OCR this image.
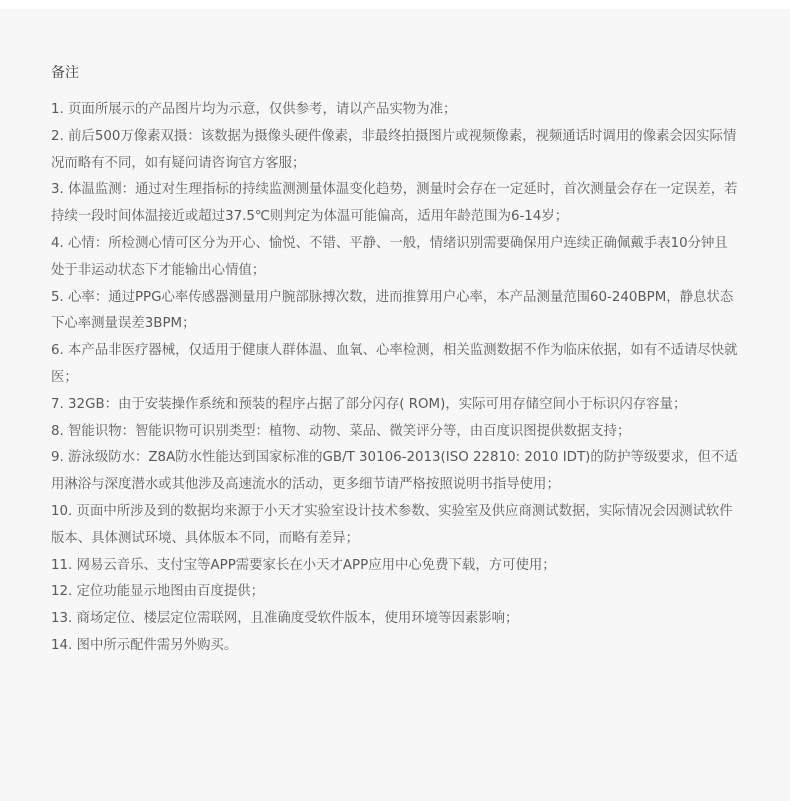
备注
1. 页面所展示的产品图片均为示意，仅供参考，请以产品实物为准；
2. 前后500万像素双摄：该数据为摄像头硬件像素，非最终拍摄图片或视频像素，视频通话时调用的像素会因实际情况而略有不同，如有疑问请咨询官方客服；
3. 体温监测：通过对生理指标的持续监测测量体温变化趋势，测量时会存在一定延时，首次测量会存在一定误差，若持续一段时间体温接近或超过37.5℃则判定为体温可能偏高，适用年龄范围为6-14岁；
4. 心情：所检测心情可区分为开心、愉悦、不错、平静、一般，情绪识别需要确保用户连续正确佩戴手表10分钟且处于非运动状态下才能输出心情值；
5. 心率：通过PPG心率传感器测量用户腕部脉搏次数，进而推算用户心率，本产品测量范围60-240BPM，静息状态下心率测量误差3BPM；
6. 本产品非医疗器械，仅适用于健康人群体温、血氧、心率检测，相关监测数据不作为临床依据，如有不适请尽快就医；
7. 32GB：由于安装操作系统和预装的程序占据了部分闪存( ROM)，实际可用存储空间小于标识闪存容量；
8. 智能识物：智能识物可识别类型：植物、动物、菜品、微笑评分等，由百度识图提供数据支持；
9. 游泳级防水：Z8A防水性能达到国家标准的GB/T 30106-2013(ISO 22810: 2010 IDT)的防护等级要求，但不适用淋浴与深度潜水或其他涉及高速流水的活动，更多细节请严格按照说明书指导使用；
10. 页面中所涉及到的数据均来源于小天才实验室设计技术参数、实验室及供应商测试数据，实际情况会因测试软件版本、具体测试环境、具体版本不同，而略有差异；
11. 网易云音乐、支付宝等APP需要家长在小天才APP应用中心免费下载，方可使用；
12. 定位功能显示地图由百度提供；
13. 商场定位、楼层定位需联网，且准确度受软件版本，使用环境等因素影响；
14. 图中所示配件需另外购买。
